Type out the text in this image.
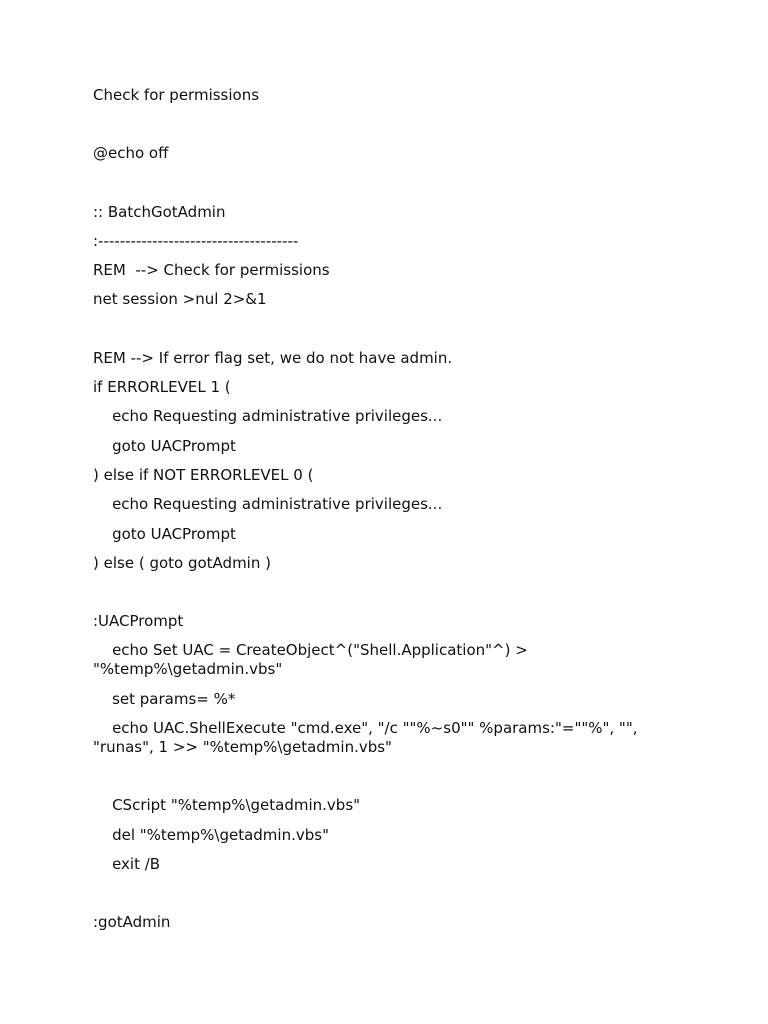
Check for permissions
@echo off
:: BatchGotAdmin
:-------------------------------------
REM  --> Check for permissions
net session >nul 2>&1
REM --> If error flag set, we do not have admin.
if ERRORLEVEL 1 (
echo Requesting administrative privileges...
goto UACPrompt
) else if NOT ERRORLEVEL 0 (
echo Requesting administrative privileges...
goto UACPrompt
) else ( goto gotAdmin )
:UACPrompt
echo Set UAC = CreateObject^("Shell.Application"^) > "%temp%\getadmin.vbs"
set params= %*
echo UAC.ShellExecute "cmd.exe", "/c ""%~s0"" %params:"=""%", "", "runas", 1 >> "%temp%\getadmin.vbs"
CScript "%temp%\getadmin.vbs"
del "%temp%\getadmin.vbs"
exit /B
:gotAdmin
